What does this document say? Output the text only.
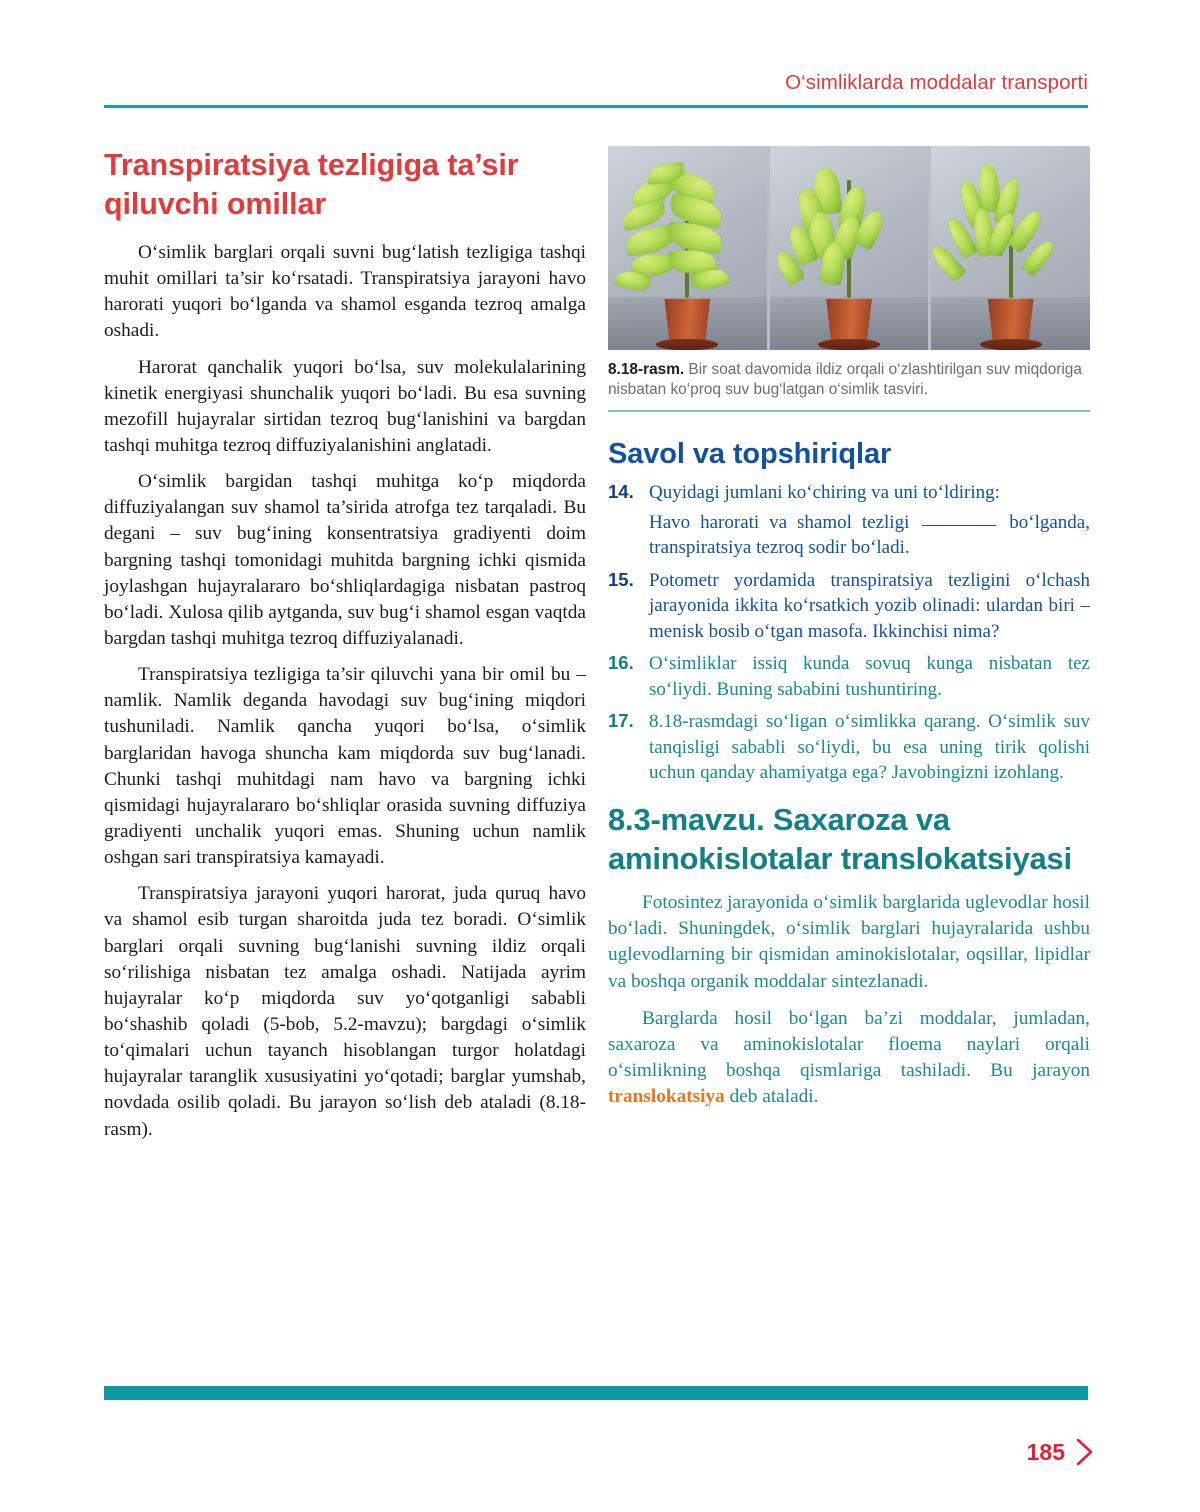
O‘simliklarda moddalar transporti
Transpiratsiya tezligiga ta’sir qiluvchi omillar

O‘simlik barglari orqali suvni bug‘latish tezligiga tashqi muhit omillari ta’sir ko‘rsatadi. Transpiratsiya jarayoni havo harorati yuqori bo‘lganda va shamol esganda tezroq amalga oshadi.

Harorat qanchalik yuqori bo‘lsa, suv molekulalarining kinetik energiyasi shunchalik yuqori bo‘ladi. Bu esa suvning mezofill hujayralar sirtidan tezroq bug‘lanishini va bargdan tashqi muhitga tezroq diffuziyalanishini anglatadi.

O‘simlik bargidan tashqi muhitga ko‘p miqdorda diffuziyalangan suv shamol ta’sirida atrofga tez tarqaladi. Bu degani – suv bug‘ining konsentratsiya gradiyenti doim bargning tashqi tomonidagi muhitda bargning ichki qismida joylashgan hujayralararo bo‘shliqlardagiga nisbatan pastroq bo‘ladi. Xulosa qilib aytganda, suv bug‘i shamol esgan vaqtda bargdan tashqi muhitga tezroq diffuziyalanadi.

Transpiratsiya tezligiga ta’sir qiluvchi yana bir omil bu – namlik. Namlik deganda havodagi suv bug‘ining miqdori tushuniladi. Namlik qancha yuqori bo‘lsa, o‘simlik barglaridan havoga shuncha kam miqdorda suv bug‘lanadi. Chunki tashqi muhitdagi nam havo va bargning ichki qismidagi hujayralararo bo‘shliqlar orasida suvning diffuziya gradiyenti unchalik yuqori emas. Shuning uchun namlik oshgan sari transpiratsiya kamayadi.

Transpiratsiya jarayoni yuqori harorat, juda quruq havo va shamol esib turgan sharoitda juda tez boradi. O‘simlik barglari orqali suvning bug‘lanishi suvning ildiz orqali so‘rilishiga nisbatan tez amalga oshadi. Natijada ayrim hujayralar ko‘p miqdorda suv yo‘qotganligi sababli bo‘shashib qoladi (5-bob, 5.2-mavzu); bargdagi o‘simlik to‘qimalari uchun tayanch hisoblangan turgor holatdagi hujayralar taranglik xususiyatini yo‘qotadi; barglar yumshab, novdada osilib qoladi. Bu jarayon so‘lish deb ataladi (8.18-rasm).

8.18-rasm. Bir soat davomida ildiz orqali o‘zlashtirilgan suv miqdoriga nisbatan ko‘proq suv bug‘latgan o‘simlik tasviri.
Savol va topshiriqlar
14. Quyidagi jumlani ko‘chiring va uni to‘ldiring:
Havo harorati va shamol tezligi	bo‘lganda, transpiratsiya tezroq sodir bo‘ladi.
15. Potometr yordamida transpiratsiya tezligini o‘lchash jarayonida ikkita ko‘rsatkich yozib olinadi: ulardan biri – menisk bosib o‘tgan masofa. Ikkinchisi nima?
16. O‘simliklar issiq kunda sovuq kunga nisbatan tez so‘liydi. Buning sababini tushuntiring.
17. 8.18-rasmdagi so‘ligan o‘simlikka qarang. O‘simlik suv tanqisligi sababli so‘liydi, bu esa uning tirik qolishi uchun qanday ahamiyatga ega? Javobingizni izohlang.
8.3-mavzu. Saxaroza va aminokislotalar translokatsiyasi

Fotosintez jarayonida o‘simlik barglarida uglevodlar hosil bo‘ladi. Shuningdek, o‘simlik barglari hujayralarida ushbu uglevodlarning bir qismidan aminokislotalar, oqsillar, lipidlar va boshqa organik moddalar sintezlanadi.

Barglarda hosil bo‘lgan ba’zi moddalar, jumladan, saxaroza va aminokislotalar floema naylari orqali o‘simlikning boshqa qismlariga tashiladi. Bu jarayon translokatsiya deb ataladi.

185
